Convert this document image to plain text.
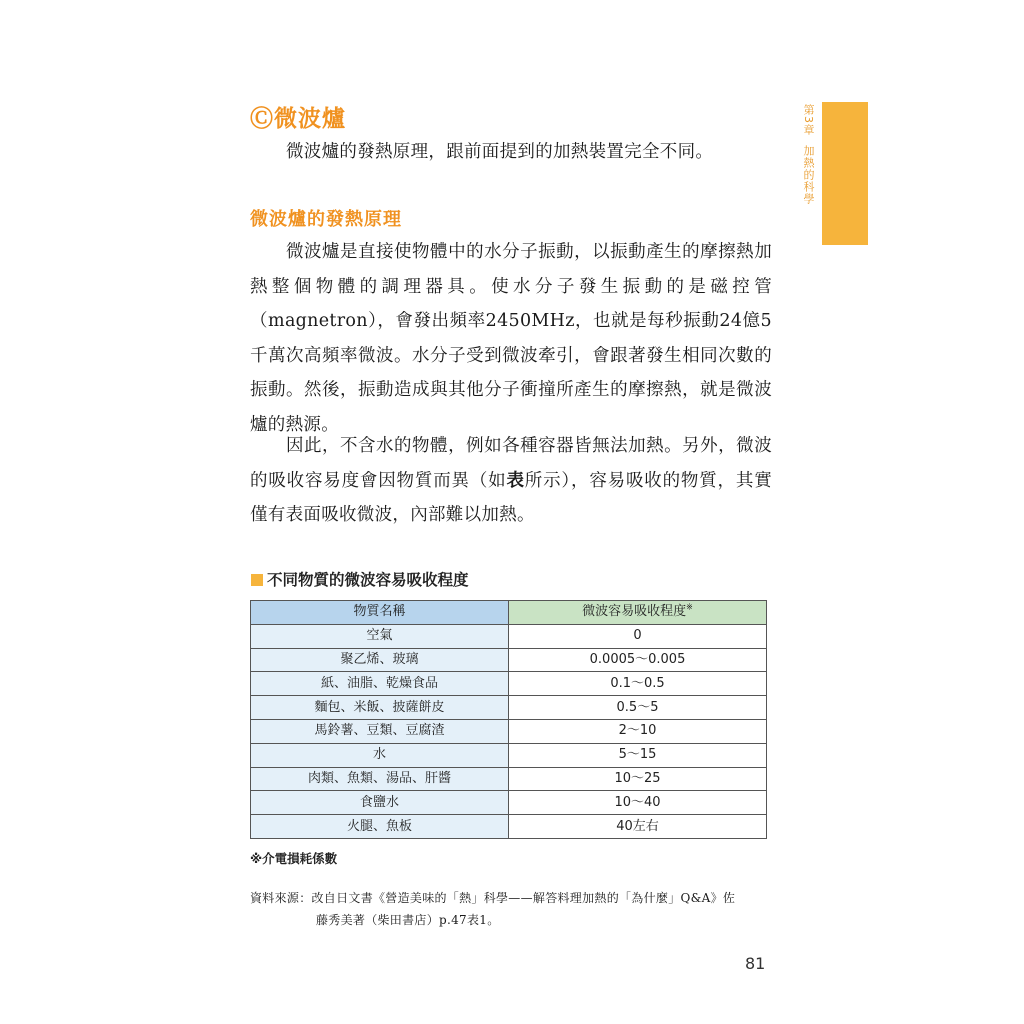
Ⓒ微波爐

微波爐的發熱原理，跟前面提到的加熱裝置完全不同。

微波爐的發熱原理

微波爐是直接使物體中的水分子振動，以振動產生的摩擦熱加熱整個物體的調理器具。使水分子發生振動的是磁控管（magnetron），會發出頻率2450MHz，也就是每秒振動24億5千萬次高頻率微波。水分子受到微波牽引，會跟著發生相同次數的振動。然後，振動造成與其他分子衝撞所產生的摩擦熱，就是微波爐的熱源。

因此，不含水的物體，例如各種容器皆無法加熱。另外，微波的吸收容易度會因物質而異（如表所示），容易吸收的物質，其實僅有表面吸收微波，內部難以加熱。

第3章  加熱的科學

不同物質的微波容易吸收程度

物質名稱	微波容易吸收程度※
空氣	0
聚乙烯、玻璃	0.0005～0.005
紙、油脂、乾燥食品	0.1～0.5
麵包、米飯、披薩餅皮	0.5～5
馬鈴薯、豆類、豆腐渣	2～10
水	5～15
肉類、魚類、湯品、肝醬	10～25
食鹽水	10～40
火腿、魚板	40左右

※介電損耗係數

資料來源：改自日文書《營造美味的「熱」科學——解答料理加熱的「為什麼」Q&A》佐
藤秀美著（柴田書店）p.47表1。

81
